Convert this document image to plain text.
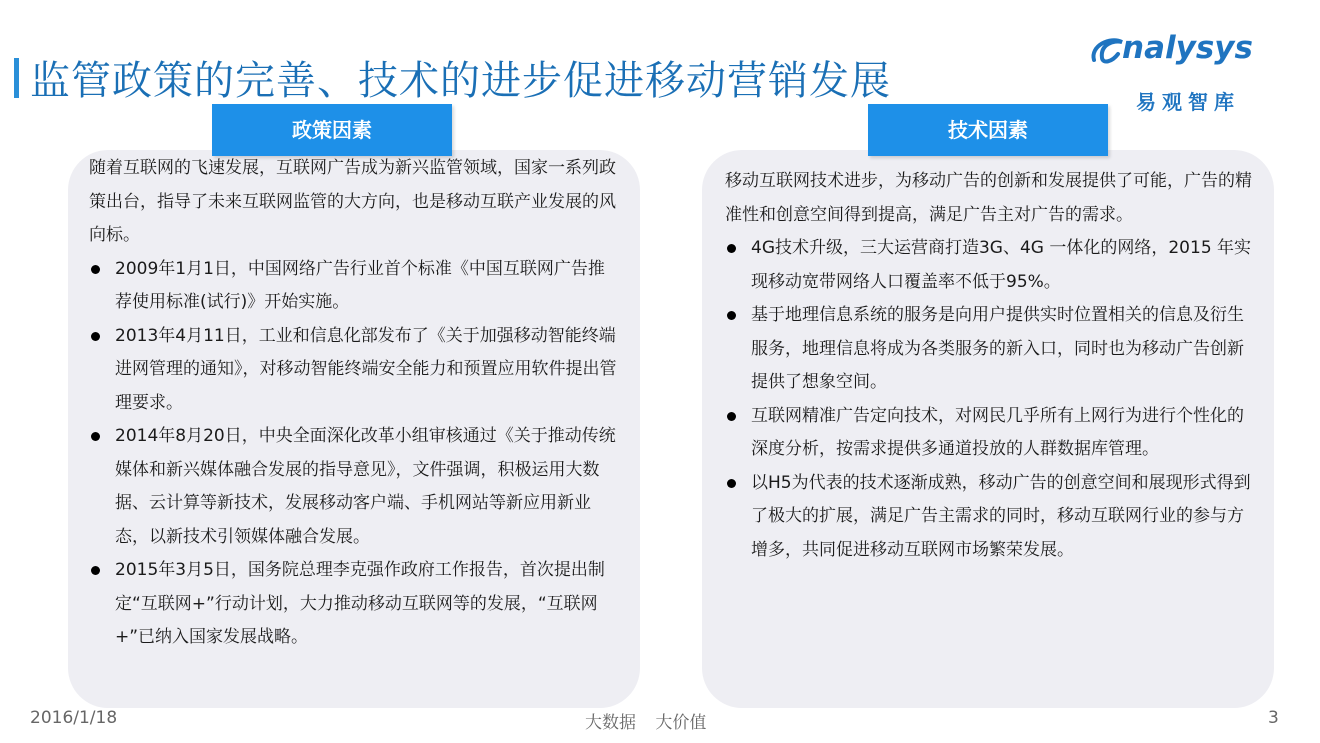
监管政策的完善、技术的进步促进移动营销发展
nalysys
易观智库
政策因素	技术因素

随着互联网的飞速发展，互联网广告成为新兴监管领域，国家一系列政策出台，指导了未来互联网监管的大方向，也是移动互联产业发展的风向标。

2009年1月1日，中国网络广告行业首个标准《中国互联网广告推荐使用标准(试行)》开始实施。
2013年4月11日，工业和信息化部发布了《关于加强移动智能终端进网管理的通知》，对移动智能终端安全能力和预置应用软件提出管理要求。
2014年8月20日，中央全面深化改革小组审核通过《关于推动传统媒体和新兴媒体融合发展的指导意见》，文件强调，积极运用大数据、云计算等新技术，发展移动客户端、手机网站等新应用新业态，以新技术引领媒体融合发展。
2015年3月5日，国务院总理李克强作政府工作报告，首次提出制定“互联网+”行动计划，大力推动移动互联网等的发展，“互联网+”已纳入国家发展战略。

移动互联网技术进步，为移动广告的创新和发展提供了可能，广告的精准性和创意空间得到提高，满足广告主对广告的需求。

4G技术升级，三大运营商打造3G、4G 一体化的网络，2015 年实现移动宽带网络人口覆盖率不低于95%。
基于地理信息系统的服务是向用户提供实时位置相关的信息及衍生服务，地理信息将成为各类服务的新入口，同时也为移动广告创新提供了想象空间。
互联网精准广告定向技术，对网民几乎所有上网行为进行个性化的深度分析，按需求提供多通道投放的人群数据库管理。
以H5为代表的技术逐渐成熟，移动广告的创意空间和展现形式得到了极大的扩展，满足广告主需求的同时，移动互联网行业的参与方增多，共同促进移动互联网市场繁荣发展。
2016/1/18	大数据 大价值	3
